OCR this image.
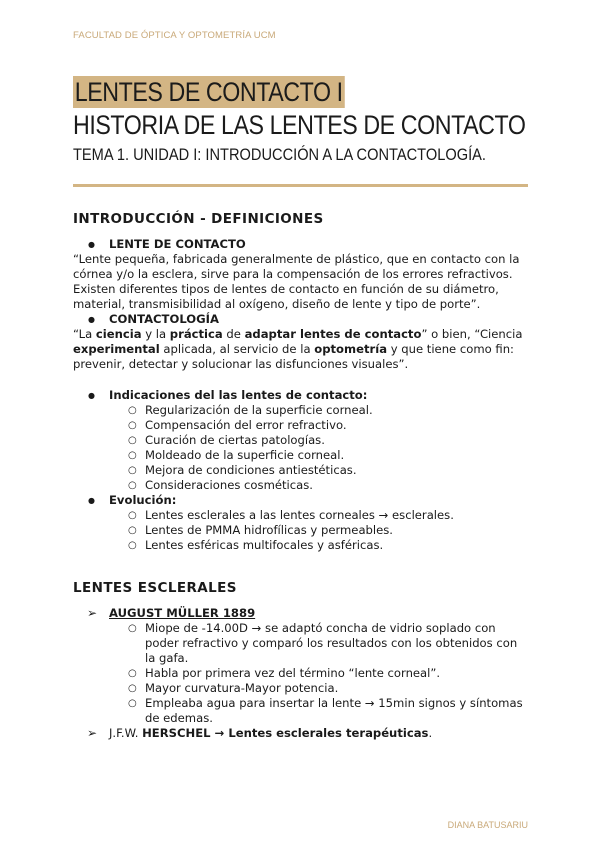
FACULTAD DE ÓPTICA Y OPTOMETRÍA UCM
LENTES DE CONTACTO I
HISTORIA DE LAS LENTES DE CONTACTO
TEMA 1. UNIDAD I: INTRODUCCIÓN A LA CONTACTOLOGÍA.
INTRODUCCIÓN - DEFINICIONES
● LENTE DE CONTACTO

“Lente pequeña, fabricada generalmente de plástico, que en contacto con la

córnea y/o la esclera, sirve para la compensación de los errores refractivos.

Existen diferentes tipos de lentes de contacto en función de su diámetro,

material, transmisibilidad al oxígeno, diseño de lente y tipo de porte”.

● CONTACTOLOGÍA

“La ciencia y la práctica de adaptar lentes de contacto” o bien, “Ciencia

experimental aplicada, al servicio de la optometría y que tiene como fin:

prevenir, detectar y solucionar las disfunciones visuales”.

● Indicaciones del las lentes de contacto:
○ Regularización de la superficie corneal.
○ Compensación del error refractivo.
○ Curación de ciertas patologías.
○ Moldeado de la superficie corneal.
○ Mejora de condiciones antiestéticas.
○ Consideraciones cosméticas.
● Evolución:
○ Lentes esclerales a las lentes corneales → esclerales.
○ Lentes de PMMA hidrofílicas y permeables.
○ Lentes esféricas multifocales y asféricas.
LENTES ESCLERALES
➢ AUGUST MÜLLER 1889
○ Miope de -14.00D → se adaptó concha de vidrio soplado con
poder refractivo y comparó los resultados con los obtenidos con
la gafa.
○ Habla por primera vez del término “lente corneal”.
○ Mayor curvatura-Mayor potencia.
○ Empleaba agua para insertar la lente → 15min signos y síntomas
de edemas.
➢ J.F.W. HERSCHEL → Lentes esclerales terapéuticas.
DIANA BATUSARIU
